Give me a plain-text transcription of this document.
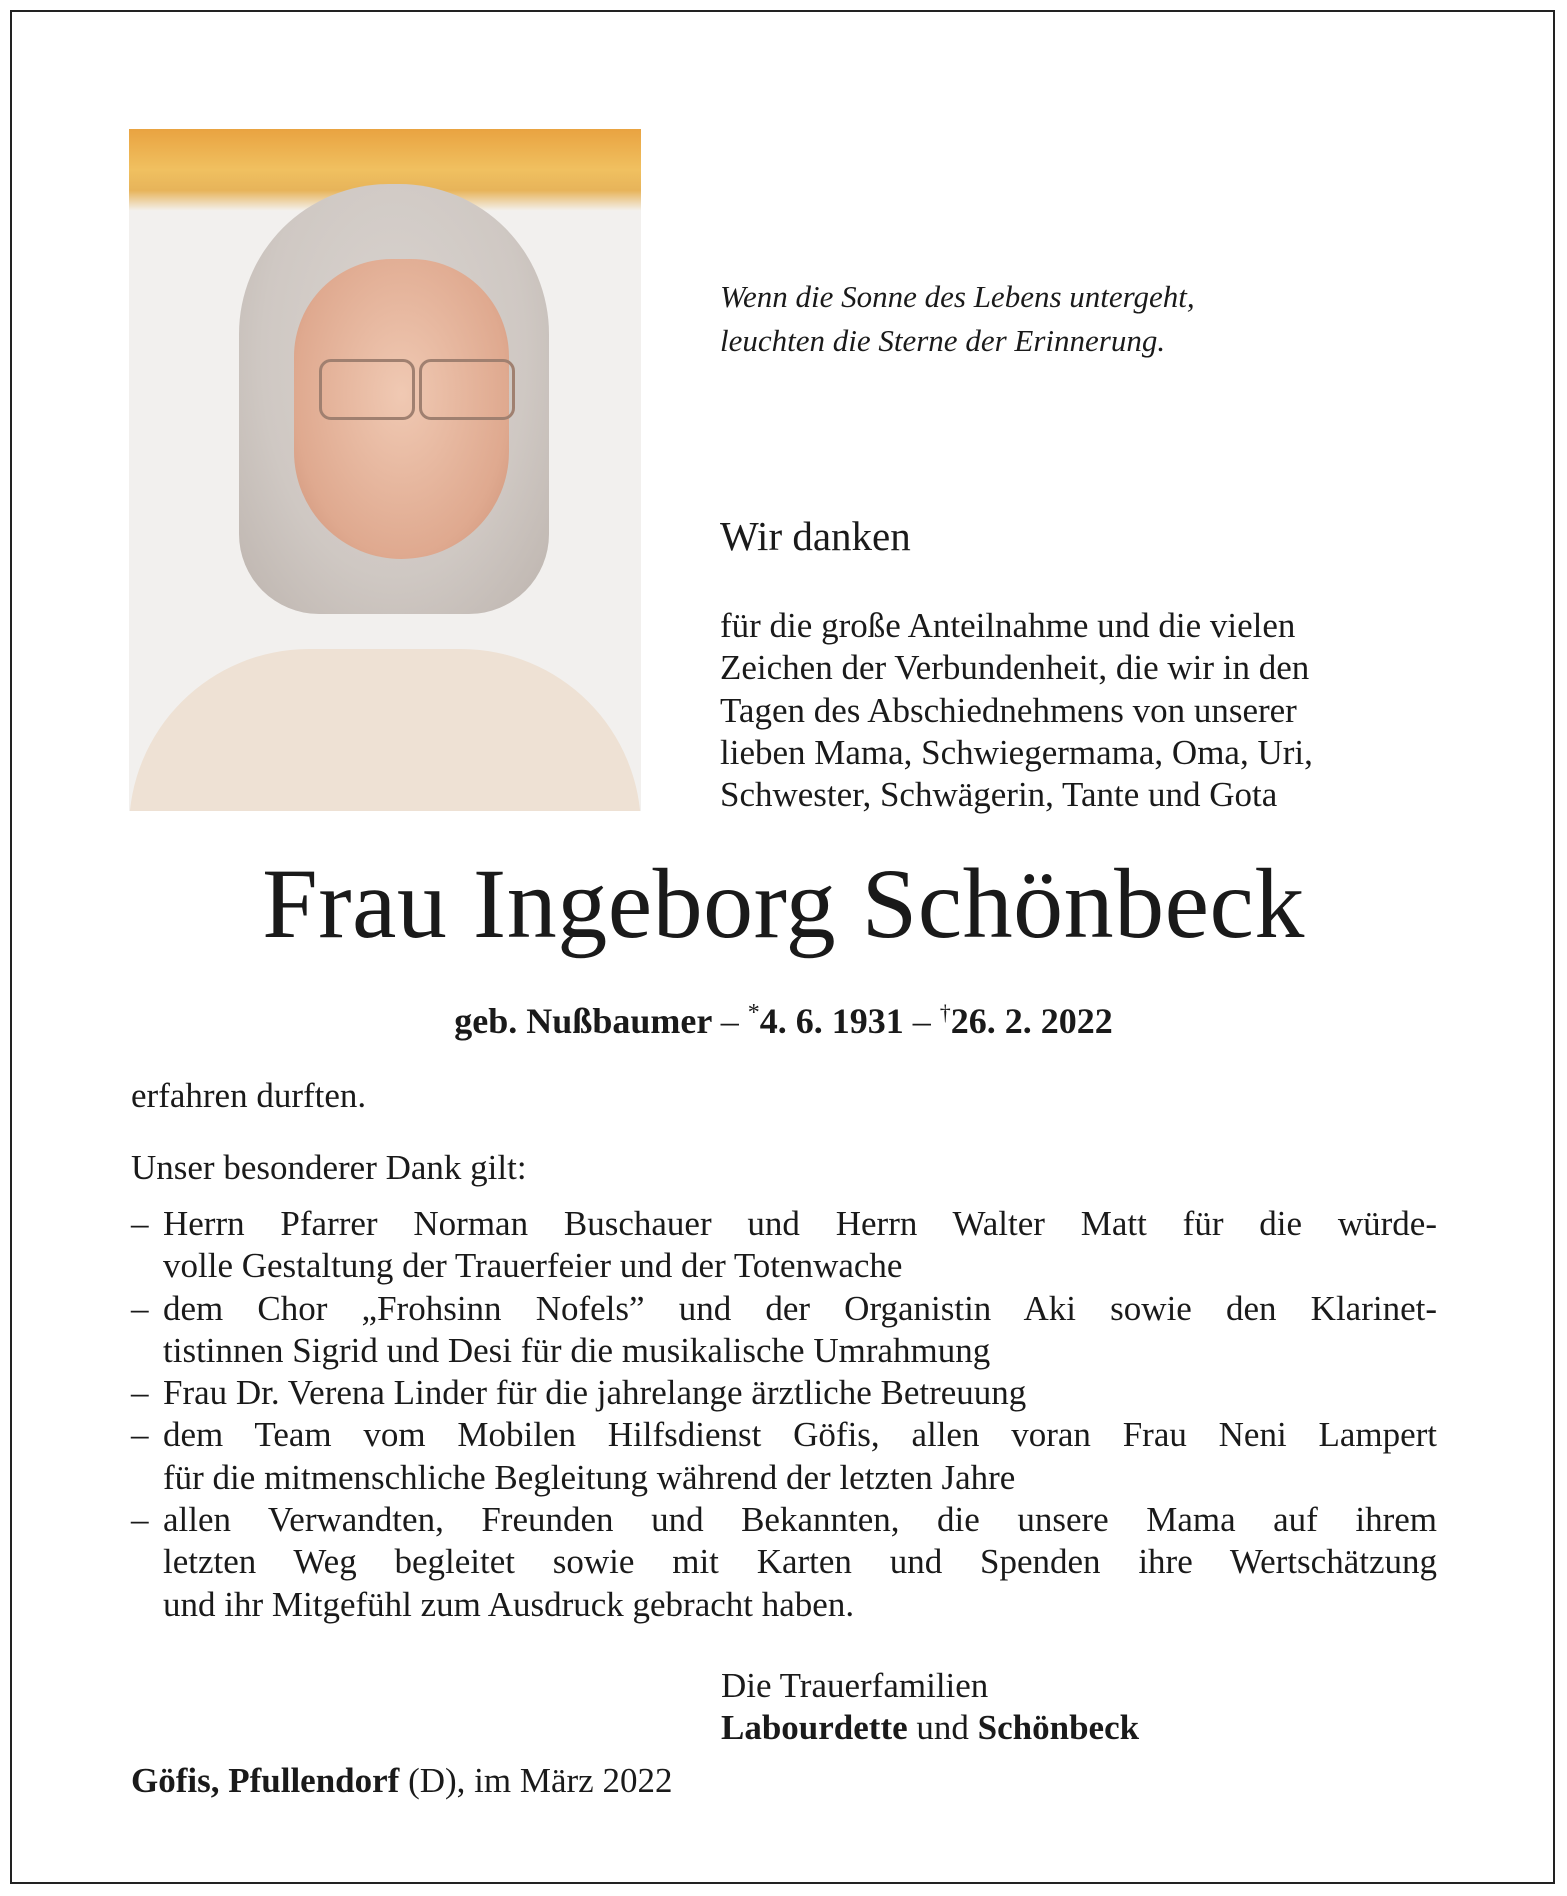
Wenn die Sonne des Lebens untergeht,
leuchten die Sterne der Erinnerung.
Wir danken
für die große Anteilnahme und die vielen
Zeichen der Verbundenheit, die wir in den
Tagen des Abschiednehmens von unserer
lieben Mama, Schwiegermama, Oma, Uri,
Schwester, Schwägerin, Tante und Gota
Frau Ingeborg Schönbeck
geb. Nußbaumer – *4. 6. 1931 – †26. 2. 2022
erfahren durften.
Unser besonderer Dank gilt:
– Herrn Pfarrer Norman Buschauer und Herrn Walter Matt für die würde-
volle Gestaltung der Trauerfeier und der Totenwache
– dem Chor „Frohsinn Nofels” und der Organistin Aki sowie den Klarinet-
tistinnen Sigrid und Desi für die musikalische Umrahmung
– Frau Dr. Verena Linder für die jahrelange ärztliche Betreuung
– dem Team vom Mobilen Hilfsdienst Göfis, allen voran Frau Neni Lampert
für die mitmenschliche Begleitung während der letzten Jahre
– allen Verwandten, Freunden und Bekannten, die unsere Mama auf ihrem
letzten Weg begleitet sowie mit Karten und Spenden ihre Wertschätzung
und ihr Mitgefühl zum Ausdruck gebracht haben.
Die Trauerfamilien
Labourdette und Schönbeck
Göfis, Pfullendorf (D), im März 2022
